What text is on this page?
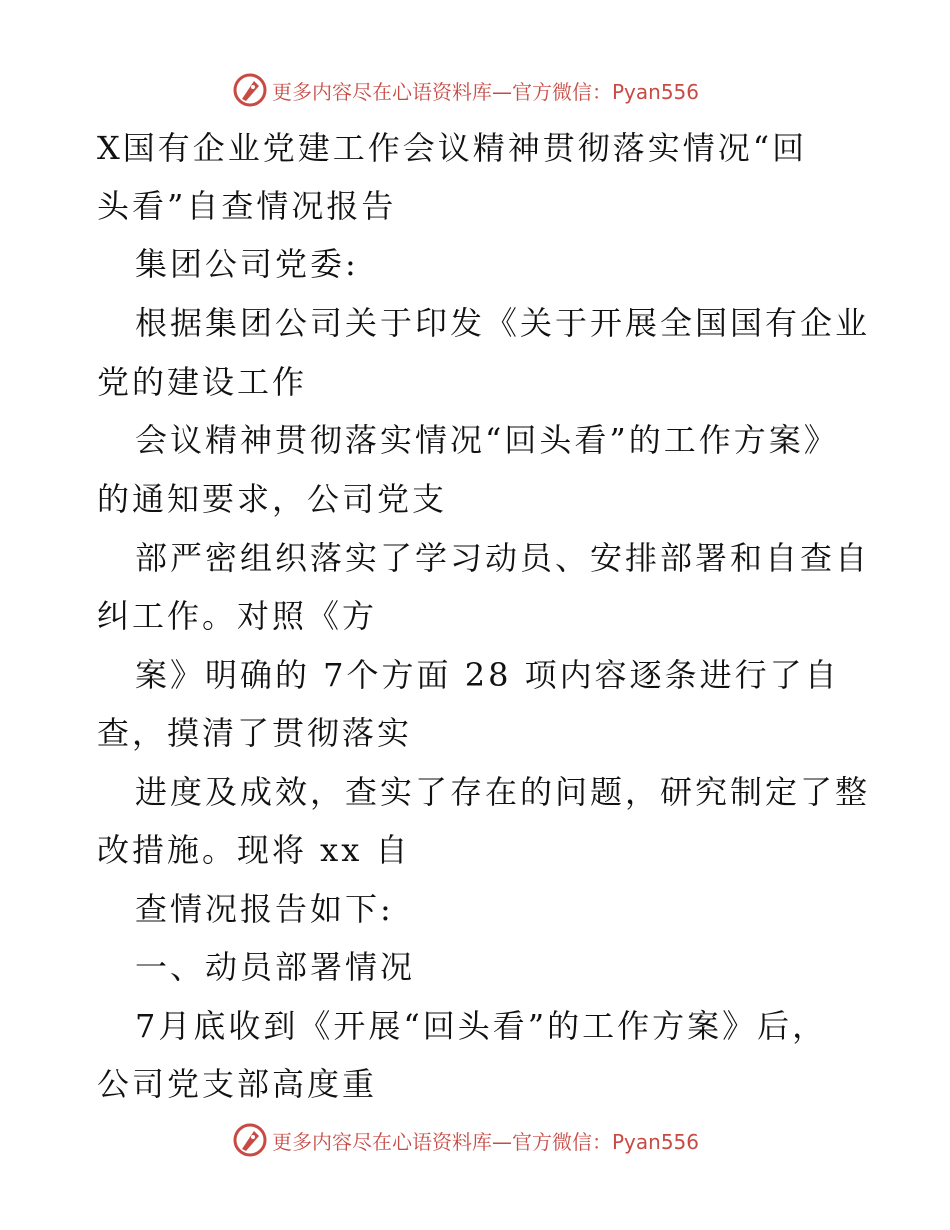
更多内容尽在心语资料库—官方微信：Pyan556
X国有企业党建工作会议精神贯彻落实情况“回
头看”自查情况报告
集团公司党委:
根据集团公司关于印发《关于开展全国国有企业
党的建设工作
会议精神贯彻落实情况“回头看”的工作方案》
的通知要求，公司党支
部严密组织落实了学习动员、安排部署和自查自
纠工作。对照《方
案》明确的 7个方面 28 项内容逐条进行了自
查，摸清了贯彻落实
进度及成效，查实了存在的问题，研究制定了整
改措施。现将 xx 自
查情况报告如下:
一、动员部署情况
7月底收到《开展“回头看”的工作方案》后，
公司党支部高度重
更多内容尽在心语资料库—官方微信：Pyan556
